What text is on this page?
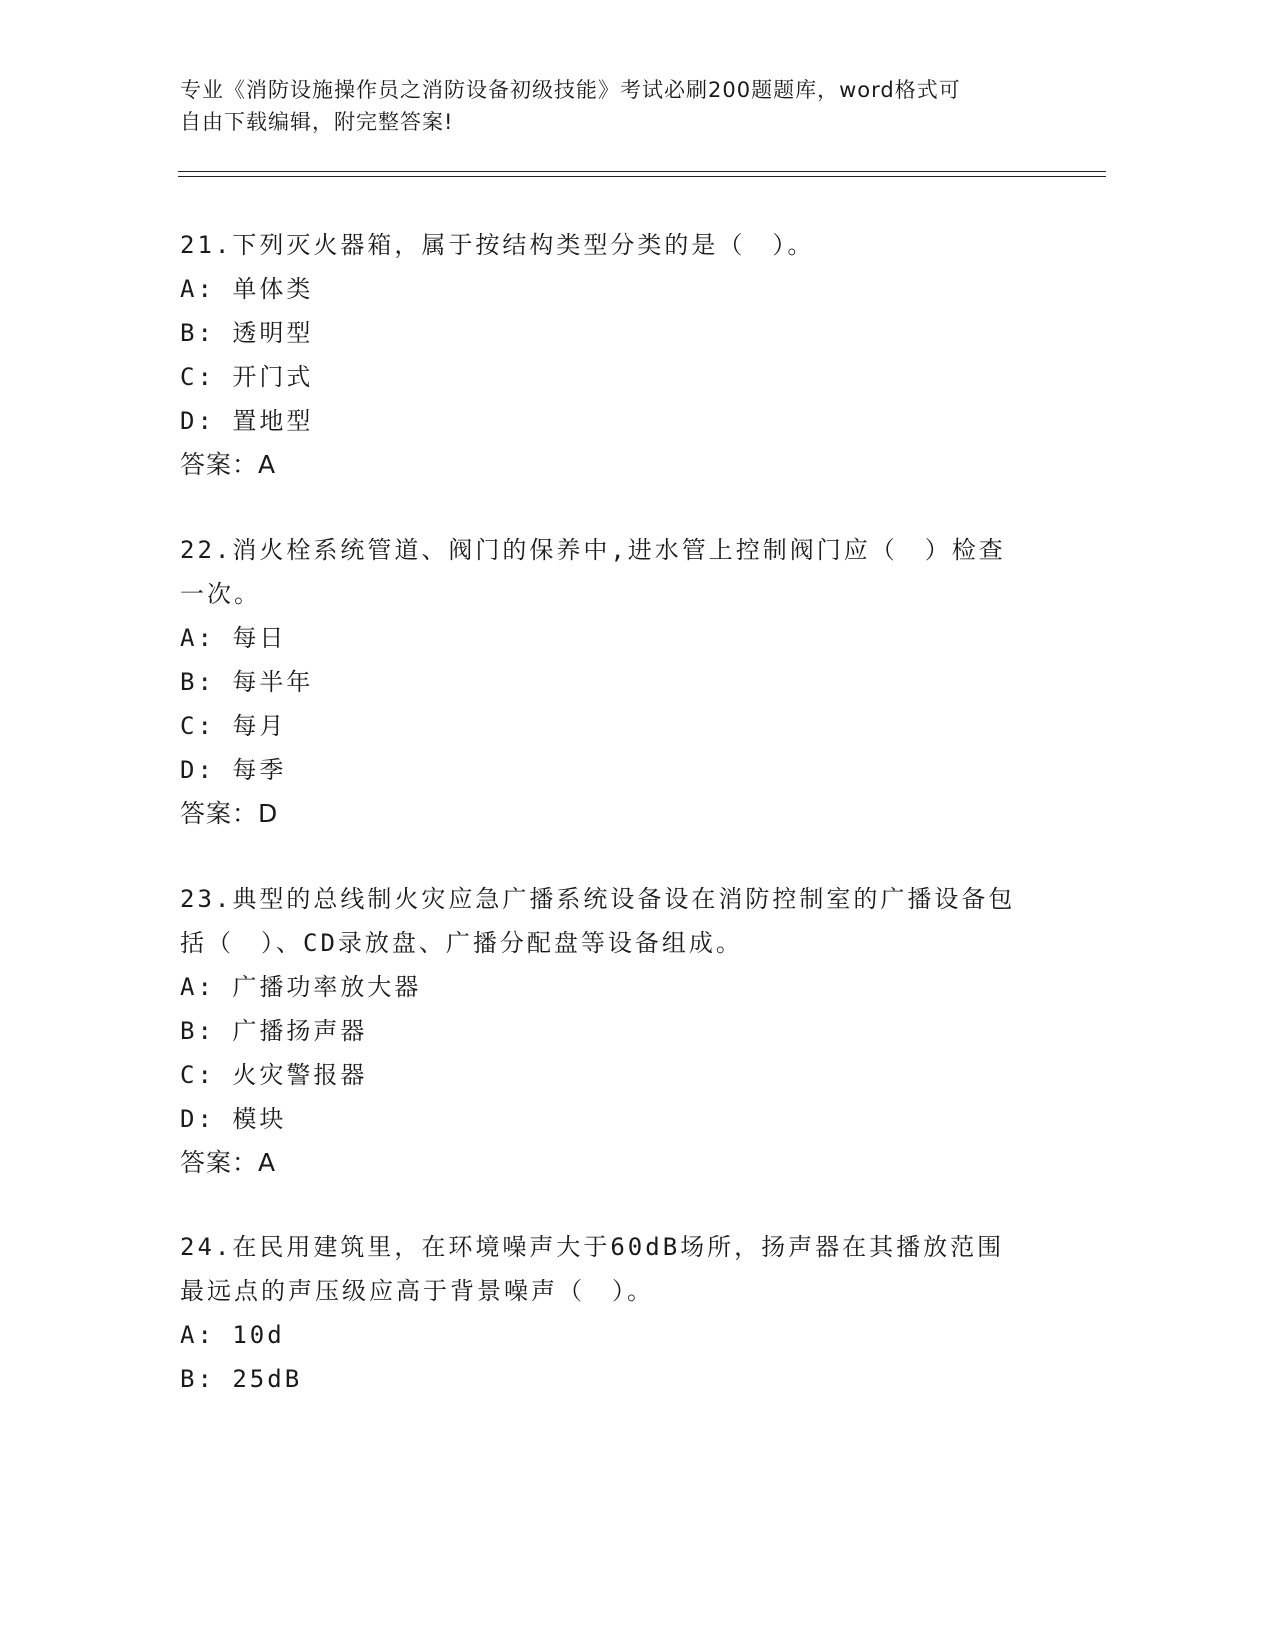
专业《消防设施操作员之消防设备初级技能》考试必刷200题题库，word格式可
自由下载编辑，附完整答案!

21.下列灭火器箱，属于按结构类型分类的是（　）。

A: 单体类

B: 透明型

C: 开门式

D: 置地型

答案：A

22.消火栓系统管道、阀门的保养中,进水管上控制阀门应（　）检查

一次。

A: 每日

B: 每半年

C: 每月

D: 每季

答案：D

23.典型的总线制火灾应急广播系统设备设在消防控制室的广播设备包

括（　）、CD录放盘、广播分配盘等设备组成。

A: 广播功率放大器

B: 广播扬声器

C: 火灾警报器

D: 模块

答案：A

24.在民用建筑里，在环境噪声大于60dB场所，扬声器在其播放范围

最远点的声压级应高于背景噪声（　）。

A: 10d

B: 25dB
